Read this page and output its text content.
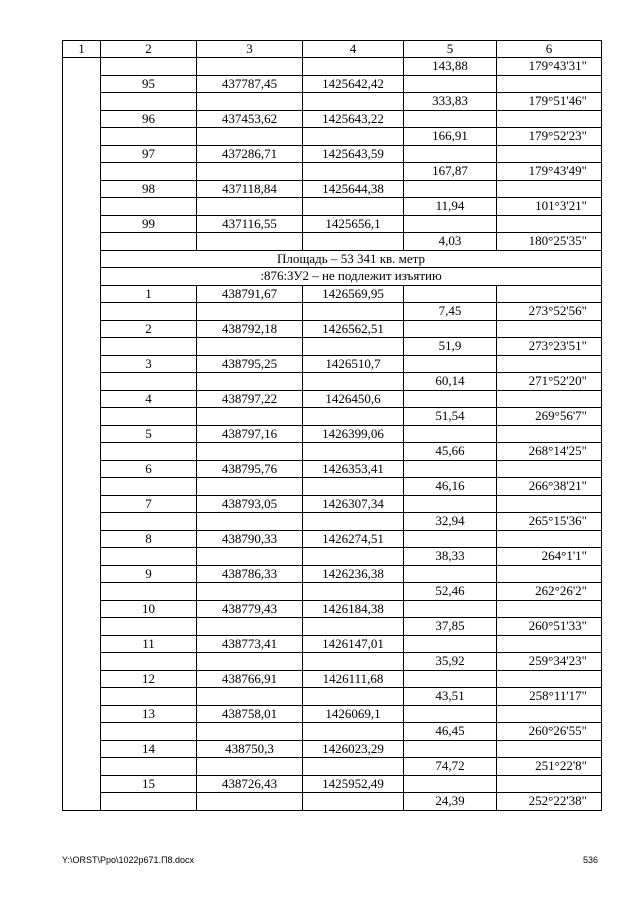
1	2	3	4	5	6
				143,88	179°43'31"
	95	437787,45	1425642,42		
				333,83	179°51'46"
	96	437453,62	1425643,22		
				166,91	179°52'23"
	97	437286,71	1425643,59		
				167,87	179°43'49"
	98	437118,84	1425644,38		
				11,94	101°3'21"
	99	437116,55	1425656,1		
				4,03	180°25'35"
	Площадь – 53 341 кв. метр				
	:876:ЗУ2 – не подлежит изъятию				
	1	438791,67	1426569,95		
				7,45	273°52'56"
	2	438792,18	1426562,51		
				51,9	273°23'51"
	3	438795,25	1426510,7		
				60,14	271°52'20"
	4	438797,22	1426450,6		
				51,54	269°56'7"
	5	438797,16	1426399,06		
				45,66	268°14'25"
	6	438795,76	1426353,41		
				46,16	266°38'21"
	7	438793,05	1426307,34		
				32,94	265°15'36"
	8	438790,33	1426274,51		
				38,33	264°1'1"
	9	438786,33	1426236,38		
				52,46	262°26'2"
	10	438779,43	1426184,38		
				37,85	260°51'33"
	11	438773,41	1426147,01		
				35,92	259°34'23"
	12	438766,91	1426111,68		
				43,51	258°11'17"
	13	438758,01	1426069,1		
				46,45	260°26'55"
	14	438750,3	1426023,29		
				74,72	251°22'8"
	15	438726,43	1425952,49		
				24,39	252°22'38"
Y:\ORST\Ppo\1022p671.П8.docx	536
